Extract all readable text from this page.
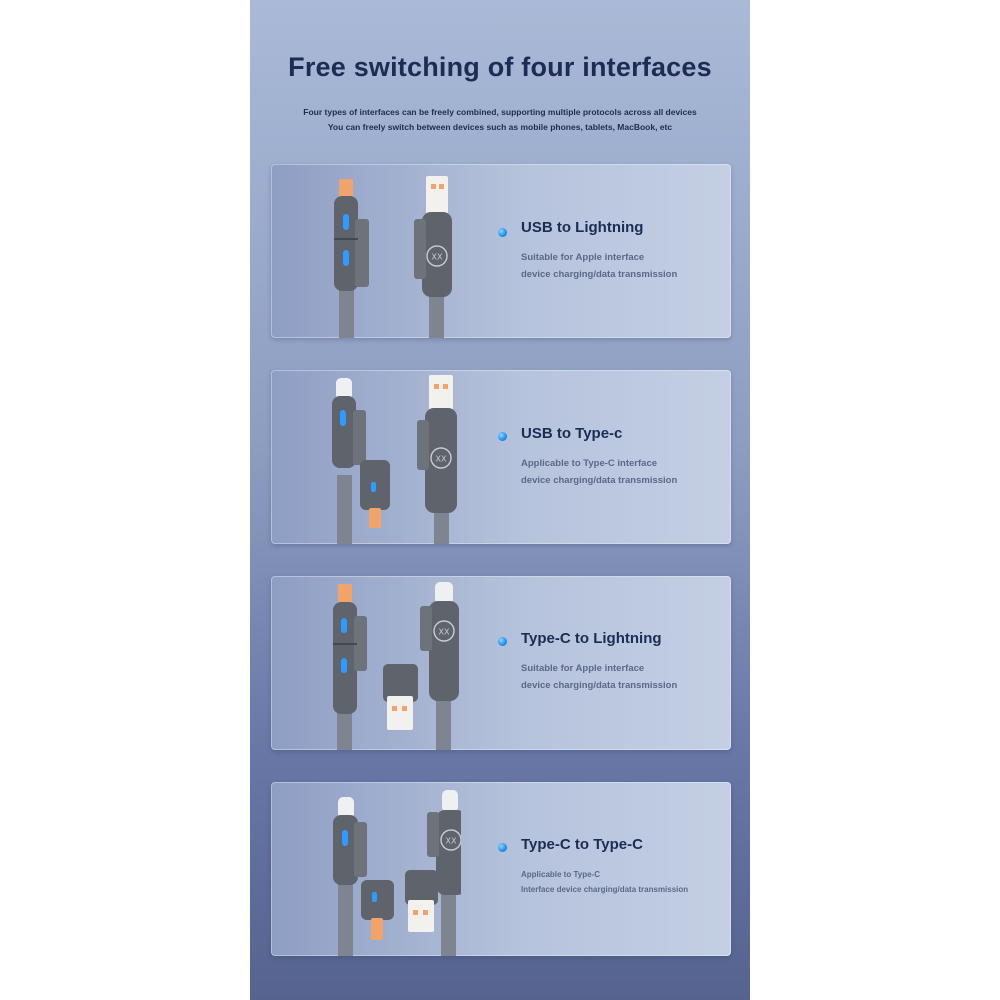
Free switching of four interfaces
Four types of interfaces can be freely combined, supporting multiple protocols across all devices
You can freely switch between devices such as mobile phones, tablets, MacBook, etc
XX
USB to Lightning
Suitable for Apple interface
device charging/data transmission
XX
USB to Type-c
Applicable to Type-C interface
device charging/data transmission
XX	Type-C to Lightning
Suitable for Apple interface
device charging/data transmission
XX	Type-C to Type-C
Applicable to Type-C
Interface device charging/data transmission
